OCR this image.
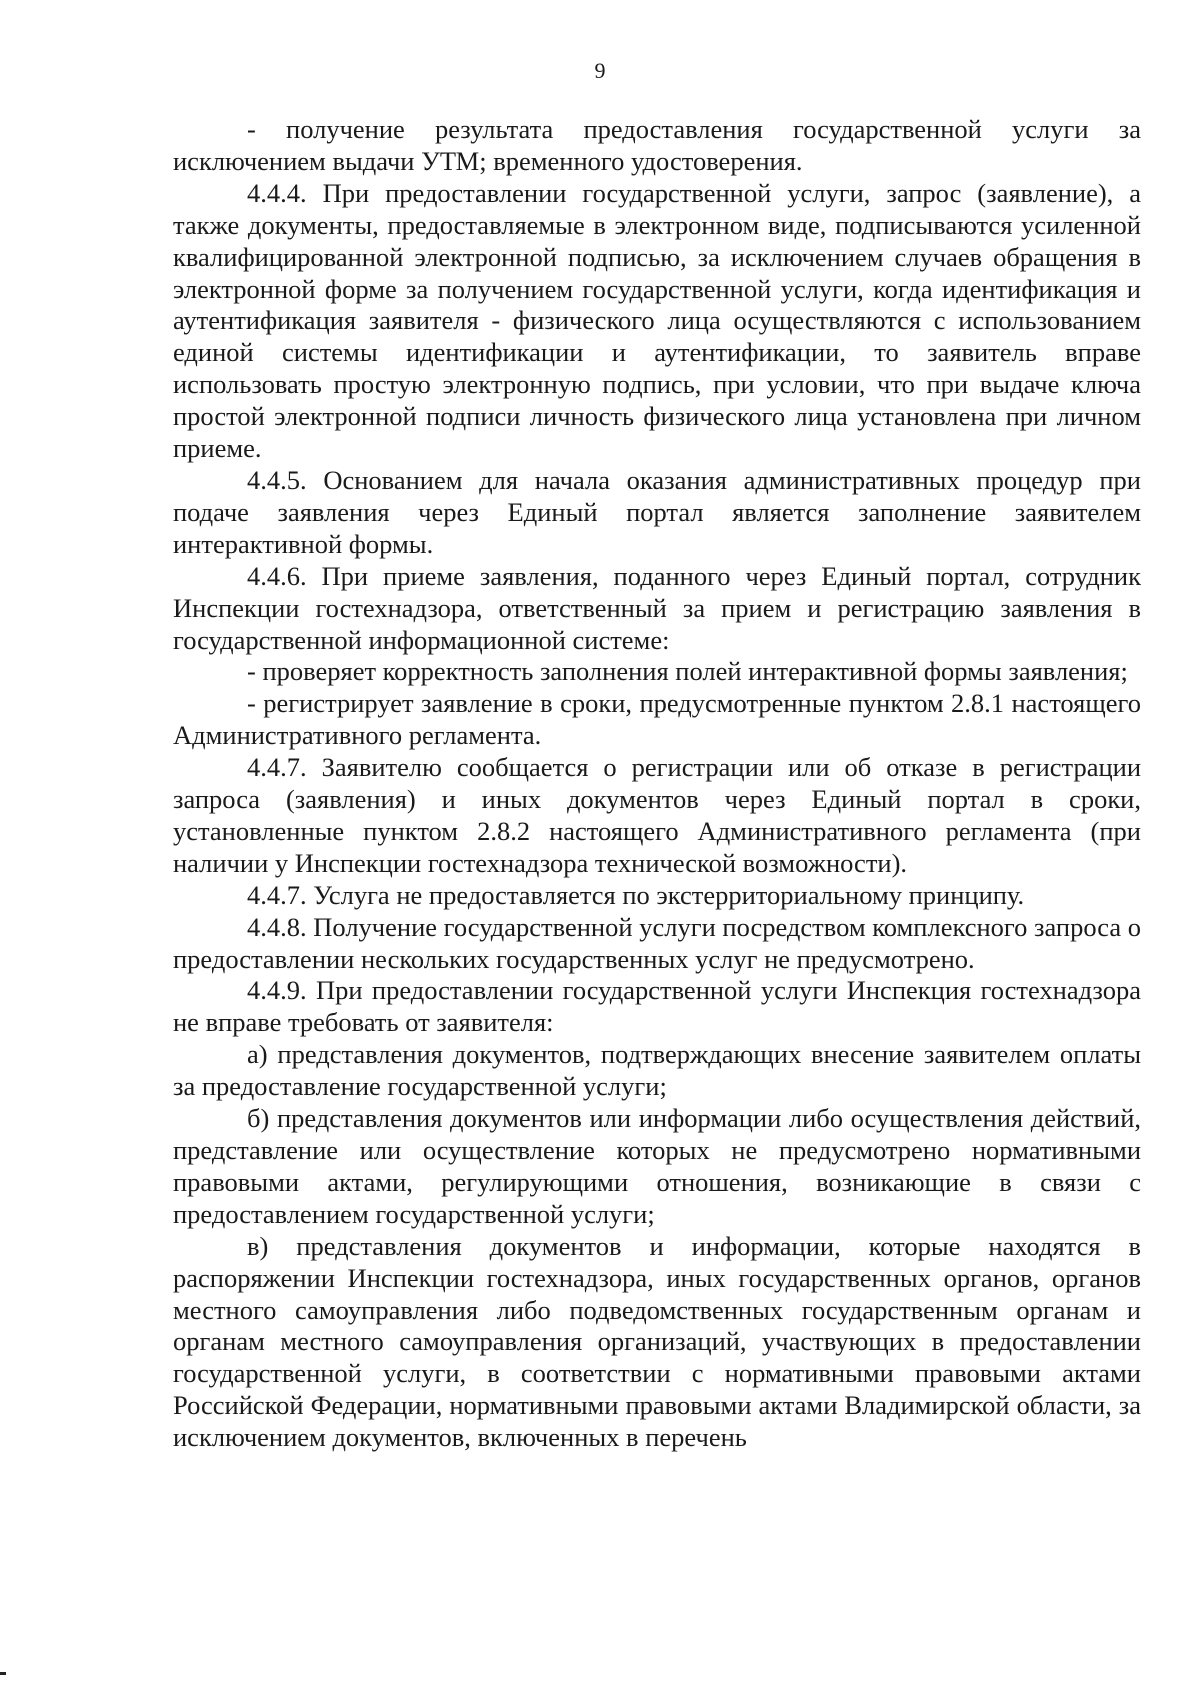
9

- получение результата предоставления государственной услуги за исключением выдачи УТМ; временного удостоверения.

4.4.4. При предоставлении государственной услуги, запрос (заявление), а также документы, предоставляемые в электронном виде, подписываются усиленной квалифицированной электронной подписью, за исключением случаев обращения в электронной форме за получением государственной услуги, когда идентификация и аутентификация заявителя - физического лица осуществляются с использованием единой системы идентификации и аутентификации, то заявитель вправе использовать простую электронную подпись, при условии, что при выдаче ключа простой электронной подписи личность физического лица установлена при личном приеме.

4.4.5. Основанием для начала оказания административных процедур при подаче заявления через Единый портал является заполнение заявителем интерактивной формы.

4.4.6. При приеме заявления, поданного через Единый портал, сотрудник Инспекции гостехнадзора, ответственный за прием и регистрацию заявления в государственной информационной системе:

- проверяет корректность заполнения полей интерактивной формы заявления;

- регистрирует заявление в сроки, предусмотренные пунктом 2.8.1 настоящего Административного регламента.

4.4.7. Заявителю сообщается о регистрации или об отказе в регистрации запроса (заявления) и иных документов через Единый портал в сроки, установленные пунктом 2.8.2 настоящего Административного регламента (при наличии у Инспекции гостехнадзора технической возможности).

4.4.7. Услуга не предоставляется по экстерриториальному принципу.

4.4.8. Получение государственной услуги посредством комплексного запроса о предоставлении нескольких государственных услуг не предусмотрено.

4.4.9. При предоставлении государственной услуги Инспекция гостехнадзора не вправе требовать от заявителя:

а) представления документов, подтверждающих внесение заявителем оплаты за предоставление государственной услуги;

б) представления документов или информации либо осуществления действий, представление или осуществление которых не предусмотрено нормативными правовыми актами, регулирующими отношения, возникающие в связи с предоставлением государственной услуги;

в) представления документов и информации, которые находятся в распоряжении Инспекции гостехнадзора, иных государственных органов, органов местного самоуправления либо подведомственных государственным органам и органам местного самоуправления организаций, участвующих в предоставлении государственной услуги, в соответствии с нормативными правовыми актами Российской Федерации, нормативными правовыми актами Владимирской области, за исключением документов, включенных в перечень
